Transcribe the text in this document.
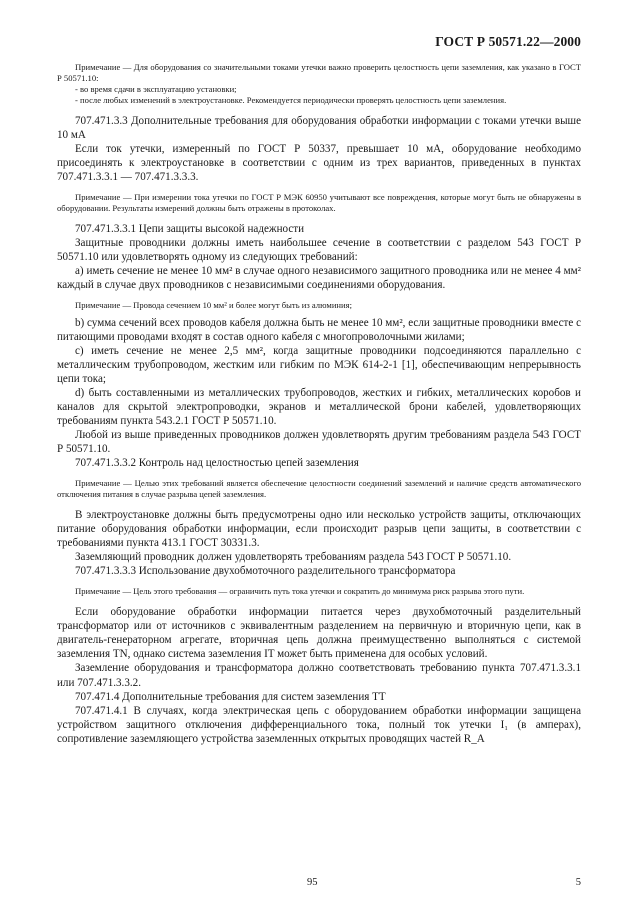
ГОСТ Р 50571.22—2000

Примечание — Для оборудования со значительными токами утечки важно проверить целостность цепи заземления, как указано в ГОСТ Р 50571.10:

- во время сдачи в эксплуатацию установки;

- после любых изменений в электроустановке. Рекомендуется периодически проверять целостность цепи заземления.

707.471.3.3 Дополнительные требования для оборудования обработки информации с токами утечки выше 10 мА

Если ток утечки, измеренный по ГОСТ Р 50337, превышает 10 мА, оборудование необходимо присоединять к электроустановке в соответствии с одним из трех вариантов, приведенных в пунктах 707.471.3.3.1 — 707.471.3.3.3.

Примечание — При измерении тока утечки по ГОСТ Р МЭК 60950 учитывают все повреждения, которые могут быть не обнаружены в оборудовании. Результаты измерений должны быть отражены в протоколах.

707.471.3.3.1 Цепи защиты высокой надежности

Защитные проводники должны иметь наибольшее сечение в соответствии с разделом 543 ГОСТ Р 50571.10 или удовлетворять одному из следующих требований:

а) иметь сечение не менее 10 мм² в случае одного независимого защитного проводника или не менее 4 мм² каждый в случае двух проводников с независимыми соединениями оборудования.

Примечание — Провода сечением 10 мм² и более могут быть из алюминия;

b) сумма сечений всех проводов кабеля должна быть не менее 10 мм², если защитные проводники вместе с питающими проводами входят в состав одного кабеля с многопроволочными жилами;

c) иметь сечение не менее 2,5 мм², когда защитные проводники подсоединяются параллельно с металлическим трубопроводом, жестким или гибким по МЭК 614-2-1 [1], обеспечивающим непрерывность цепи тока;

d) быть составленными из металлических трубопроводов, жестких и гибких, металлических коробов и каналов для скрытой электропроводки, экранов и металлической брони кабелей, удовлетворяющих требованиям пункта 543.2.1 ГОСТ Р 50571.10.

Любой из выше приведенных проводников должен удовлетворять другим требованиям раздела 543 ГОСТ Р 50571.10.

707.471.3.3.2 Контроль над целостностью цепей заземления

Примечание — Целью этих требований является обеспечение целостности соединений заземлений и наличие средств автоматического отключения питания в случае разрыва цепей заземления.

В электроустановке должны быть предусмотрены одно или несколько устройств защиты, отключающих питание оборудования обработки информации, если происходит разрыв цепи защиты, в соответствии с требованиями пункта 413.1 ГОСТ 30331.3.

Заземляющий проводник должен удовлетворять требованиям раздела 543 ГОСТ Р 50571.10.

707.471.3.3.3 Использование двухобмоточного разделительного трансформатора

Примечание — Цель этого требования — ограничить путь тока утечки и сократить до минимума риск разрыва этого пути.

Если оборудование обработки информации питается через двухобмоточный разделительный трансформатор или от источников с эквивалентным разделением на первичную и вторичную цепи, как в двигатель-генераторном агрегате, вторичная цепь должна преимущественно выполняться с системой заземления TN, однако система заземления IT может быть применена для особых условий.

Заземление оборудования и трансформатора должно соответствовать требованию пункта 707.471.3.3.1 или 707.471.3.3.2.

707.471.4 Дополнительные требования для систем заземления ТТ

707.471.4.1 В случаях, когда электрическая цепь с оборудованием обработки информации защищена устройством защитного отключения дифференциального тока, полный ток утечки I₁ (в амперах), сопротивление заземляющего устройства заземленных открытых проводящих частей R_A

95	5
